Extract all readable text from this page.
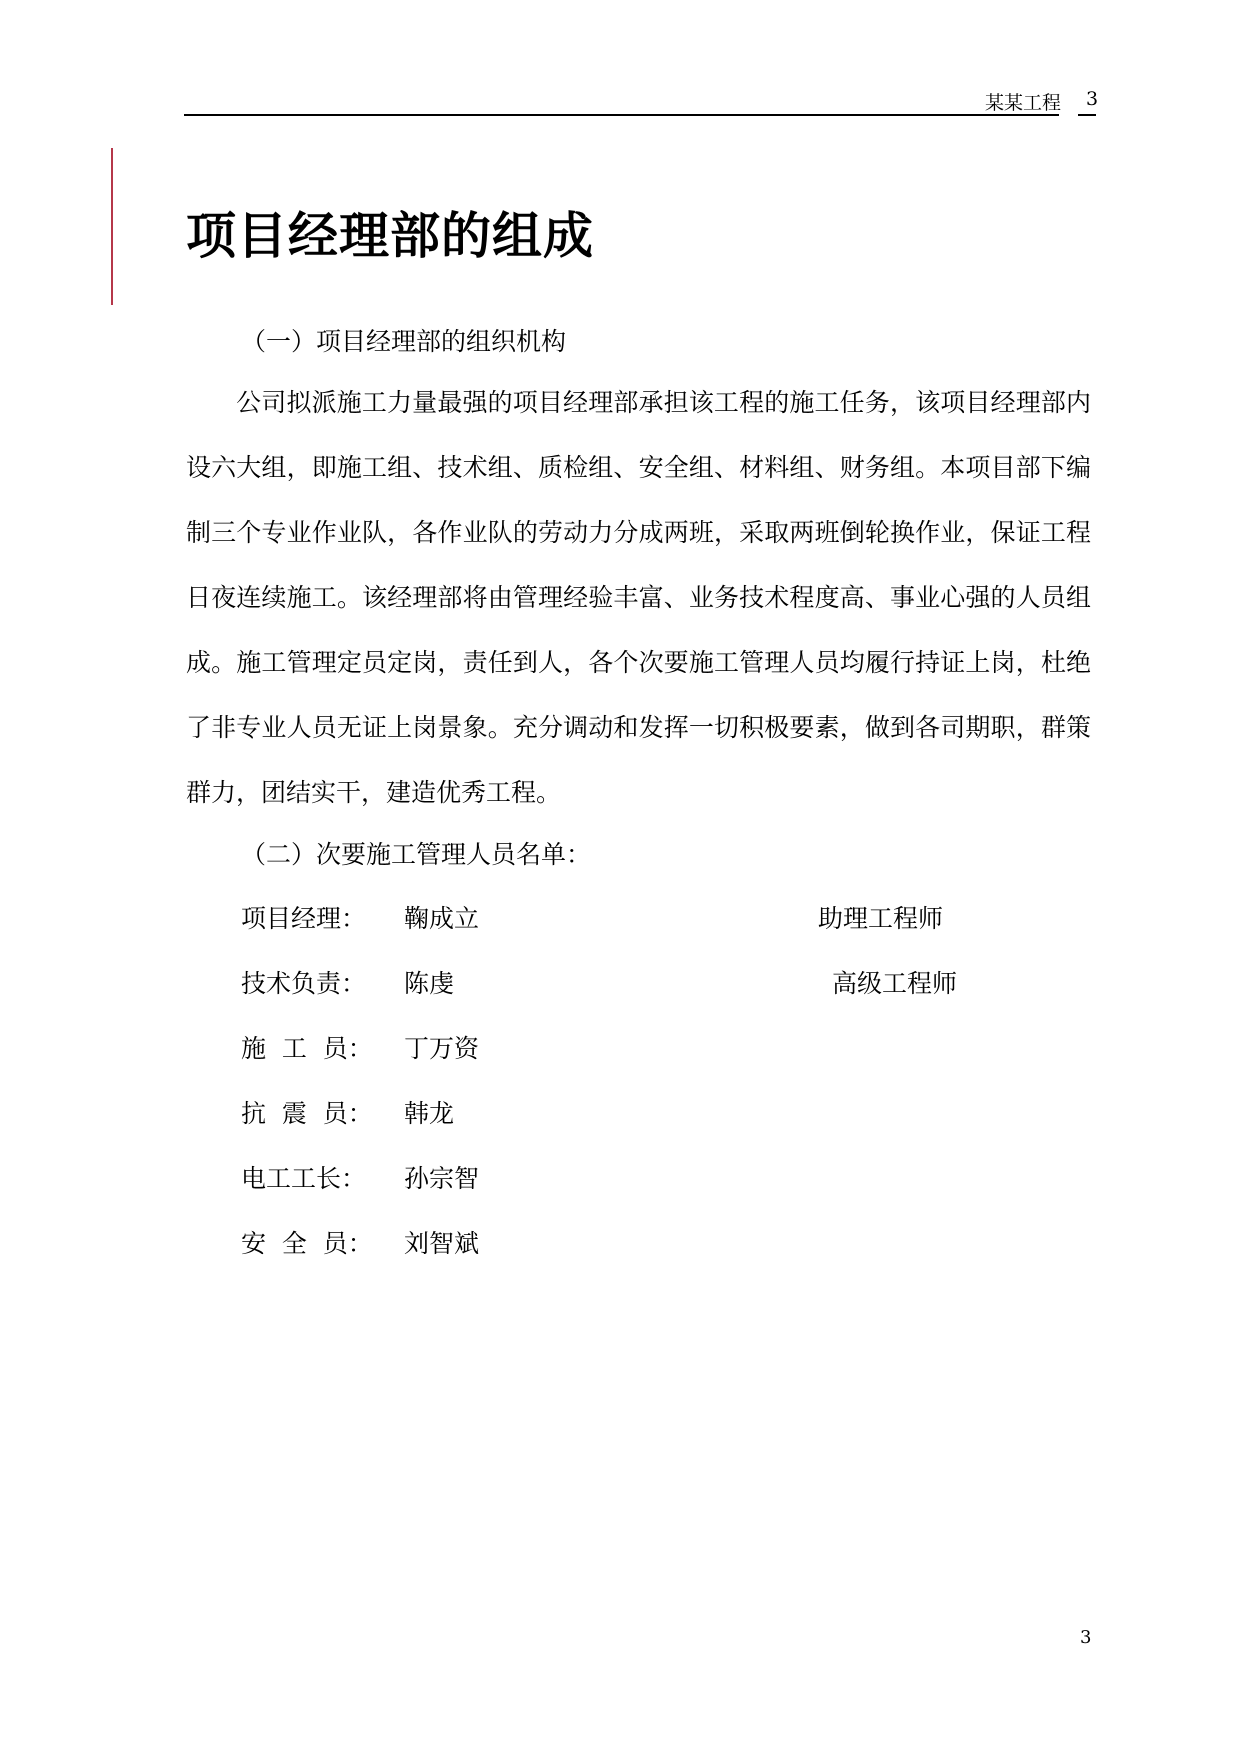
某某工程 3
项目经理部的组成

（一）项目经理部的组织机构

公司拟派施工力量最强的项目经理部承担该工程的施工任务，该项目经理部内设六大组，即施工组、技术组、质检组、安全组、材料组、财务组。本项目部下编制三个专业作业队，各作业队的劳动力分成两班，采取两班倒轮换作业，保证工程日夜连续施工。该经理部将由管理经验丰富、业务技术程度高、事业心强的人员组成。施工管理定员定岗，责任到人，各个次要施工管理人员均履行持证上岗，杜绝了非专业人员无证上岗景象。充分调动和发挥一切积极要素，做到各司期职，群策群力，团结实干，建造优秀工程。

（二）次要施工管理人员名单：

项目经理： 鞠成立	助理工程师
技术负责： 陈虔	高级工程师
施  工  员： 丁万资
抗  震  员： 韩龙
电工工长： 孙宗智
安  全  员： 刘智斌
3
